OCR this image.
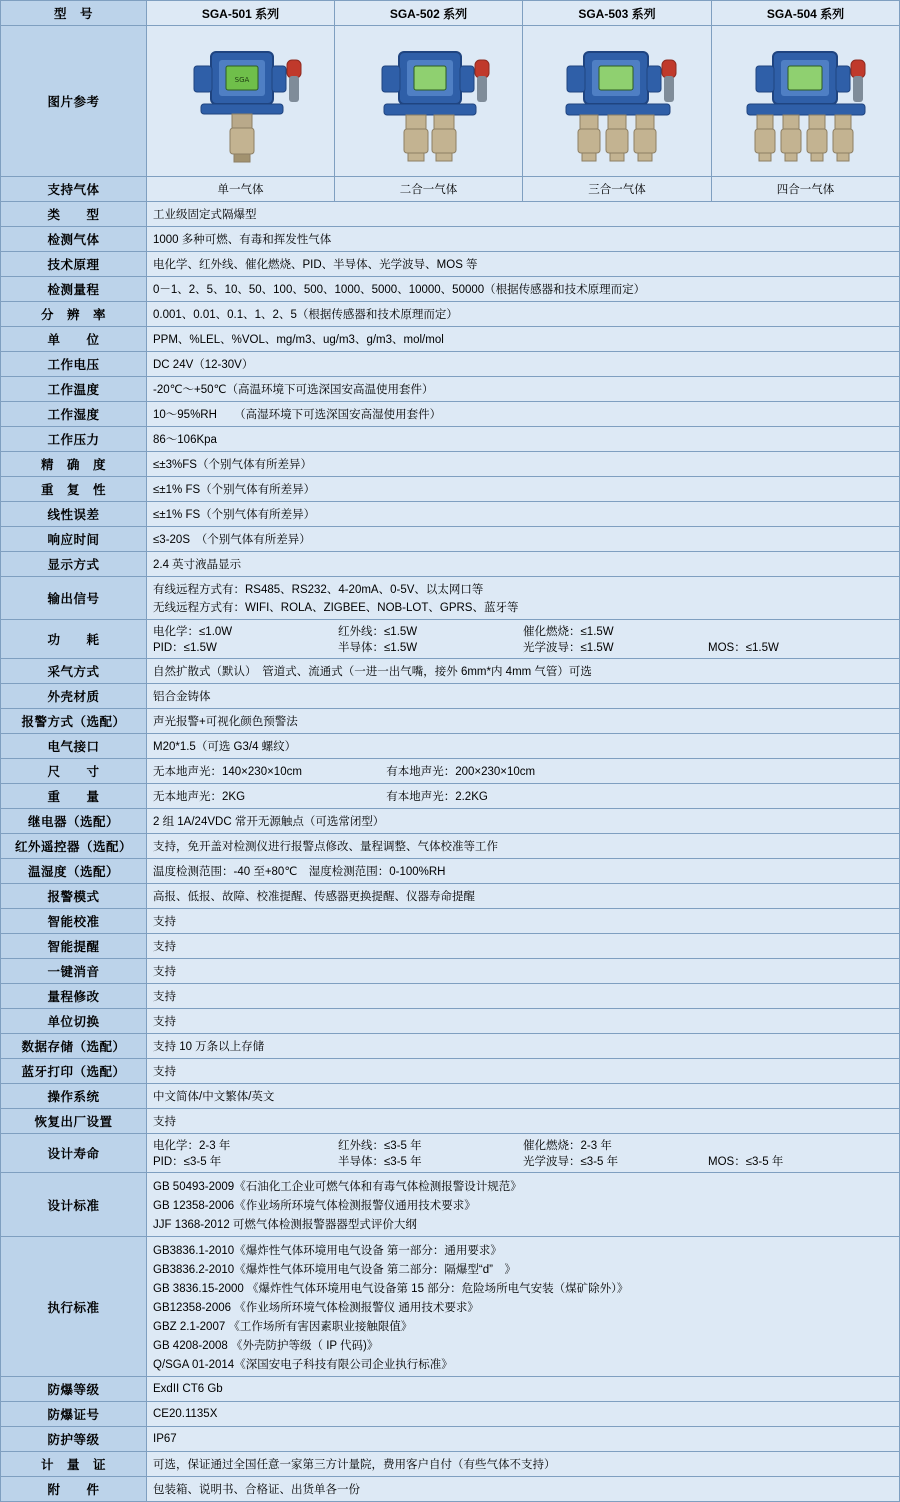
型　号	SGA-501 系列	SGA-502 系列	SGA-503 系列	SGA-504 系列
图片参考	SGA

支持气体	单一气体	二合一气体	三合一气体	四合一气体
类　　型	工业级固定式隔爆型			
检测气体	1000 多种可燃、有毒和挥发性气体			
技术原理	电化学、红外线、催化燃烧、PID、半导体、光学波导、MOS 等			
检测量程	0－1、2、5、10、50、100、500、1000、5000、10000、50000（根据传感器和技术原理而定）			
分　辨　率	0.001、0.01、0.1、1、2、5（根据传感器和技术原理而定）			
单　　位	PPM、%LEL、%VOL、mg/m3、ug/m3、g/m3、mol/mol			
工作电压	DC 24V（12-30V）			
工作温度	-20℃～+50℃（高温环境下可选深国安高温使用套件）			
工作湿度	10～95%RH　　（高湿环境下可选深国安高湿使用套件）			
工作压力	86～106Kpa			
精　确　度	≤±3%FS（个别气体有所差异）			
重　复　性	≤±1% FS（个别气体有所差异）			
线性误差	≤±1% FS（个别气体有所差异）			
响应时间	≤3-20S　（个别气体有所差异）			
显示方式	2.4 英寸液晶显示			
输出信号	有线远程方式有：RS485、RS232、4-20mA、0-5V、以太网口等
无线远程方式有：WIFI、ROLA、ZIGBEE、NOB-LOT、GPRS、蓝牙等			

功　　耗	
电化学：≤1.0W	红外线：≤1.5W	催化燃烧：≤1.5W
PID：≤1.5W	半导体：≤1.5W	光学波导：≤1.5W	MOS：≤1.5W

采气方式	自然扩散式（默认）　管道式、流通式（一进一出气嘴，接外 6mm*内 4mm 气管）可选			
外壳材质	铝合金铸体			
报警方式（选配）	声光报警+可视化颜色预警法			
电气接口	M20*1.5（可选 G3/4 螺纹）			
尺　　寸	无本地声光：140×230×10cm 有本地声光：200×230×10cm			
重　　量	无本地声光：2KG 有本地声光：2.2KG			
继电器（选配）	2 组 1A/24VDC 常开无源触点（可选常闭型）			
红外遥控器（选配）	支持，免开盖对检测仪进行报警点修改、量程调整、气体校准等工作			
温湿度（选配）	温度检测范围：-40 至+80℃　湿度检测范围：0-100%RH			
报警模式	高报、低报、故障、校准提醒、传感器更换提醒、仪器寿命提醒			
智能校准	支持			
智能提醒	支持			
一键消音	支持			
量程修改	支持			
单位切换	支持			
数据存储（选配）	支持 10 万条以上存储			
蓝牙打印（选配）	支持			
操作系统	中文简体/中文繁体/英文			
恢复出厂设置	支持			
设计寿命	
电化学：2-3 年	红外线：≤3-5 年	催化燃烧：2-3 年
PID：≤3-5 年	半导体：≤3-5 年	光学波导：≤3-5 年	MOS：≤3-5 年

设计标准	GB 50493-2009《石油化工企业可燃气体和有毒气体检测报警设计规范》
GB 12358-2006《作业场所环境气体检测报警仪通用技术要求》
JJF 1368-2012 可燃气体检测报警器器型式评价大纲			

执行标准	
GB3836.1-2010《爆炸性气体环境用电气设备 第一部分：通用要求》
GB3836.2-2010《爆炸性气体环境用电气设备 第二部分：隔爆型“d”　》
GB 3836.15-2000 《爆炸性气体环境用电气设备第 15 部分：危险场所电气安装（煤矿除外）》
GB12358-2006 《作业场所环境气体检测报警仪 通用技术要求》
GBZ 2.1-2007 《工作场所有害因素职业接触限值》
GB 4208-2008 《外壳防护等级（ IP 代码)》
Q/SGA 01-2014《深国安电子科技有限公司企业执行标准》

防爆等级	ExdII CT6 Gb			
防爆证号	CE20.1135X			
防护等级	IP67			
计　量　证	可选，保证通过全国任意一家第三方计量院，费用客户自付（有些气体不支持）			
附　　件	包装箱、说明书、合格证、出货单各一份			
